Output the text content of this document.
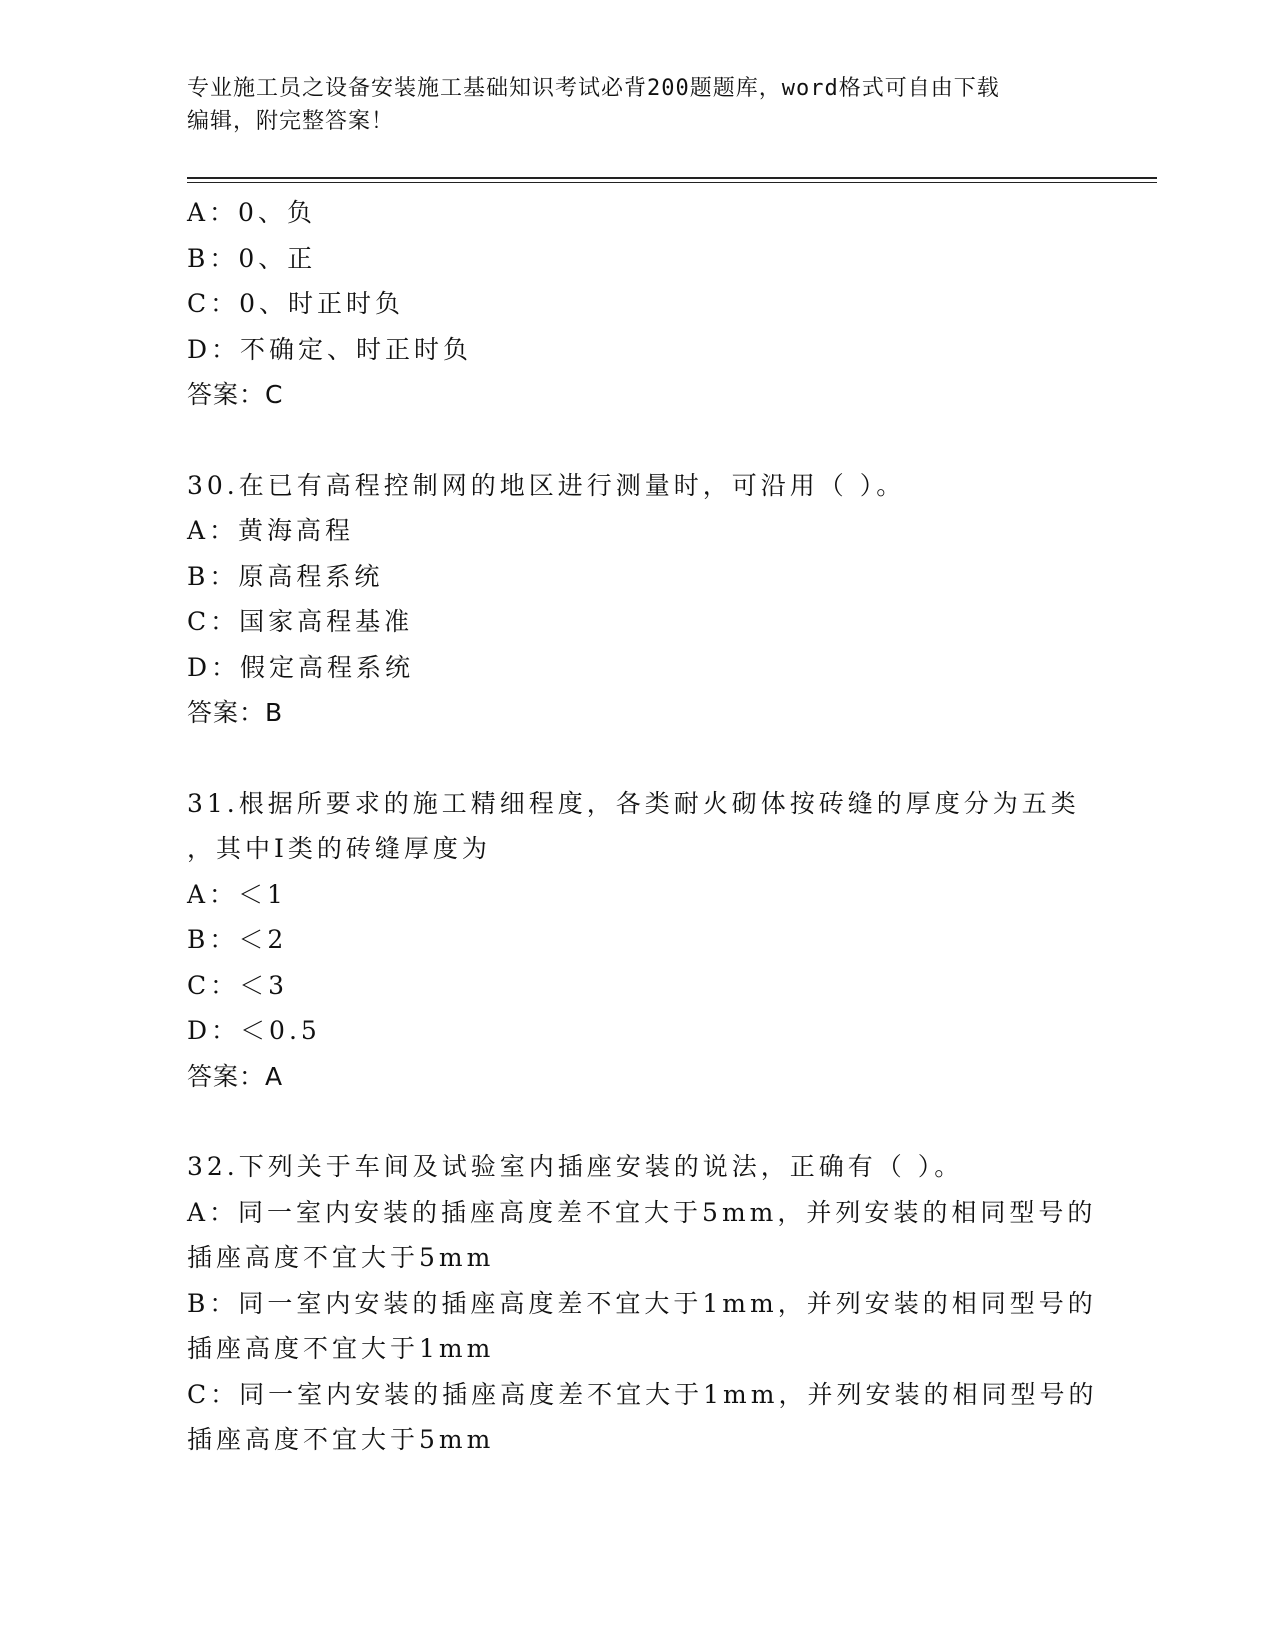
专业施工员之设备安装施工基础知识考试必背200题题库，word格式可自由下载
编辑，附完整答案！
A：0、负
B：0、正
C：0、时正时负
D：不确定、时正时负
答案：C
30.在已有高程控制网的地区进行测量时，可沿用（ ）。
A：黄海高程
B：原高程系统
C：国家高程基准
D：假定高程系统
答案：B
31.根据所要求的施工精细程度，各类耐火砌体按砖缝的厚度分为五类
，其中Ⅰ类的砖缝厚度为
A：＜1
B：＜2
C：＜3
D：＜0.5
答案：A
32.下列关于车间及试验室内插座安装的说法，正确有（ ）。
A：同一室内安装的插座高度差不宜大于5mm，并列安装的相同型号的
插座高度不宜大于5mm
B：同一室内安装的插座高度差不宜大于1mm，并列安装的相同型号的
插座高度不宜大于1mm
C：同一室内安装的插座高度差不宜大于1mm，并列安装的相同型号的
插座高度不宜大于5mm
